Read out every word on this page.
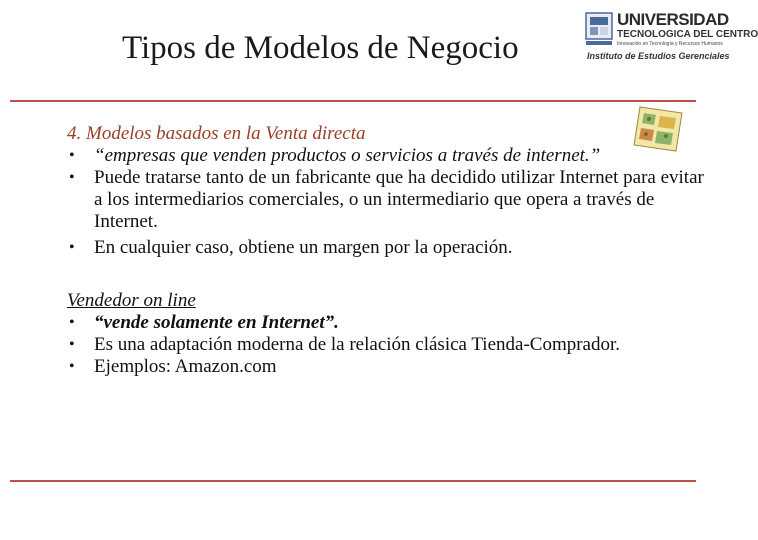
Tipos de Modelos de Negocio
UNIVERSIDAD
TECNOLOGICA DEL CENTRO
Innovación en Tecnología y Recursos Humanos
Instituto de Estudios Gerenciales

4. Modelos basados en la Venta directa

• “empresas que venden productos o servicios a través de internet.”
• Puede tratarse tanto de un fabricante que ha decidido utilizar Internet para evitar a los intermediarios comerciales, o un intermediario que opera a través de Internet.
• En cualquier caso, obtiene un margen por la operación.

Vendedor on line

• “vende solamente en Internet”.
• Es una adaptación moderna de la relación clásica Tienda-Comprador.
• Ejemplos: Amazon.com
